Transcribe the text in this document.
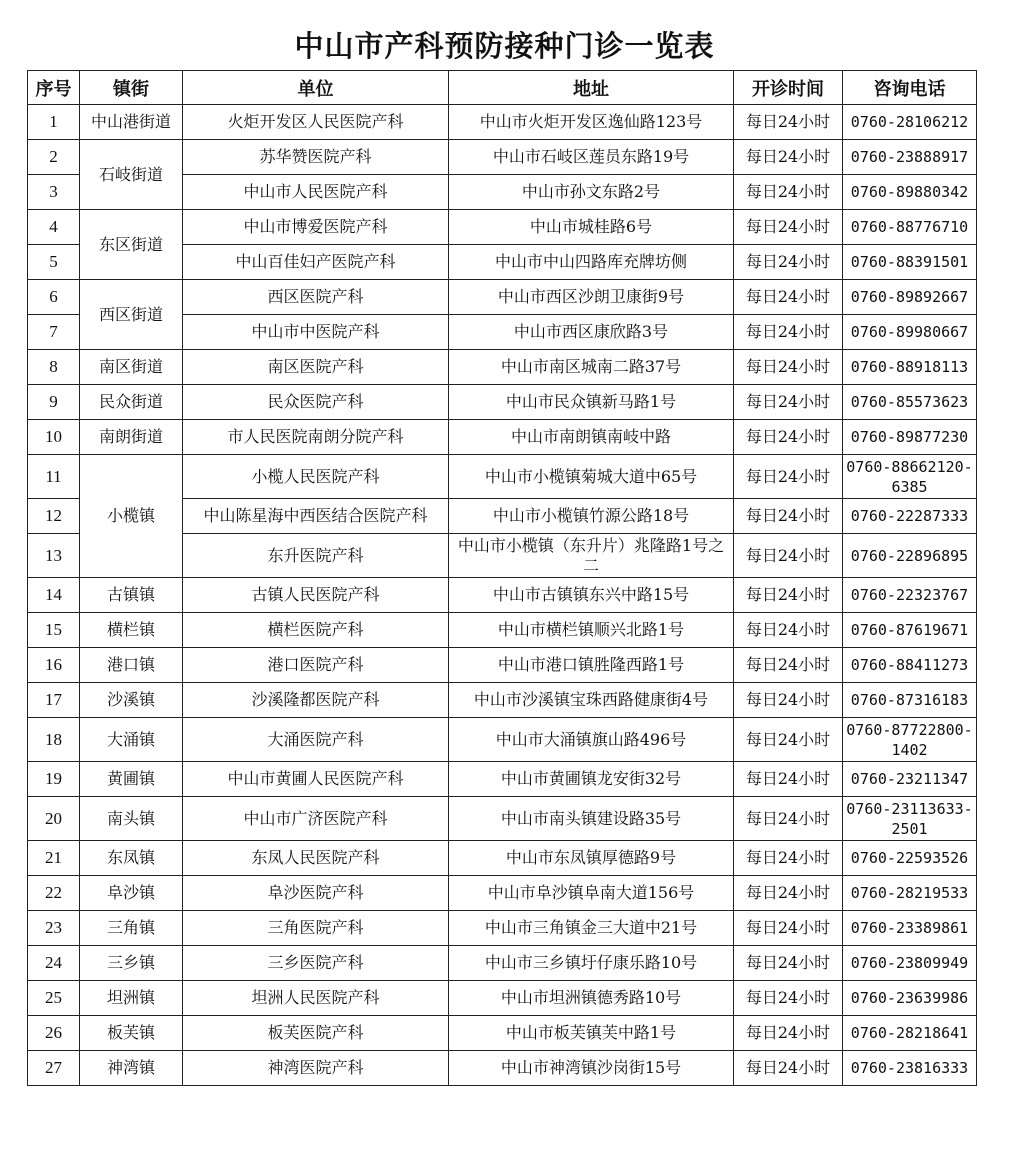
中山市产科预防接种门诊一览表
序号	镇街	单位	地址	开诊时间	咨询电话
1	中山港街道	火炬开发区人民医院产科	中山市火炬开发区逸仙路123号	每日24小时	0760-28106212
2	石岐街道	苏华赞医院产科	中山市石岐区莲员东路19号	每日24小时	0760-23888917
3		中山市人民医院产科	中山市孙文东路2号	每日24小时	0760-89880342
4	东区街道	中山市博爱医院产科	中山市城桂路6号	每日24小时	0760-88776710
5		中山百佳妇产医院产科	中山市中山四路库充牌坊侧	每日24小时	0760-88391501
6	西区街道	西区医院产科	中山市西区沙朗卫康街9号	每日24小时	0760-89892667
7		中山市中医院产科	中山市西区康欣路3号	每日24小时	0760-89980667
8	南区街道	南区医院产科	中山市南区城南二路37号	每日24小时	0760-88918113
9	民众街道	民众医院产科	中山市民众镇新马路1号	每日24小时	0760-85573623
10	南朗街道	市人民医院南朗分院产科	中山市南朗镇南岐中路	每日24小时	0760-89877230
11	小榄镇	小榄人民医院产科	中山市小榄镇菊城大道中65号	每日24小时	0760-88662120-6385
12		中山陈星海中西医结合医院产科	中山市小榄镇竹源公路18号	每日24小时	0760-22287333
13		东升医院产科	中山市小榄镇（东升片）兆隆路1号之二	每日24小时	0760-22896895
14	古镇镇	古镇人民医院产科	中山市古镇镇东兴中路15号	每日24小时	0760-22323767
15	横栏镇	横栏医院产科	中山市横栏镇顺兴北路1号	每日24小时	0760-87619671
16	港口镇	港口医院产科	中山市港口镇胜隆西路1号	每日24小时	0760-88411273
17	沙溪镇	沙溪隆都医院产科	中山市沙溪镇宝珠西路健康街4号	每日24小时	0760-87316183
18	大涌镇	大涌医院产科	中山市大涌镇旗山路496号	每日24小时	0760-87722800-1402
19	黄圃镇	中山市黄圃人民医院产科	中山市黄圃镇龙安街32号	每日24小时	0760-23211347
20	南头镇	中山市广济医院产科	中山市南头镇建设路35号	每日24小时	0760-23113633-2501
21	东凤镇	东凤人民医院产科	中山市东凤镇厚德路9号	每日24小时	0760-22593526
22	阜沙镇	阜沙医院产科	中山市阜沙镇阜南大道156号	每日24小时	0760-28219533
23	三角镇	三角医院产科	中山市三角镇金三大道中21号	每日24小时	0760-23389861
24	三乡镇	三乡医院产科	中山市三乡镇圩仔康乐路10号	每日24小时	0760-23809949
25	坦洲镇	坦洲人民医院产科	中山市坦洲镇德秀路10号	每日24小时	0760-23639986
26	板芙镇	板芙医院产科	中山市板芙镇芙中路1号	每日24小时	0760-28218641
27	神湾镇	神湾医院产科	中山市神湾镇沙岗街15号	每日24小时	0760-23816333
